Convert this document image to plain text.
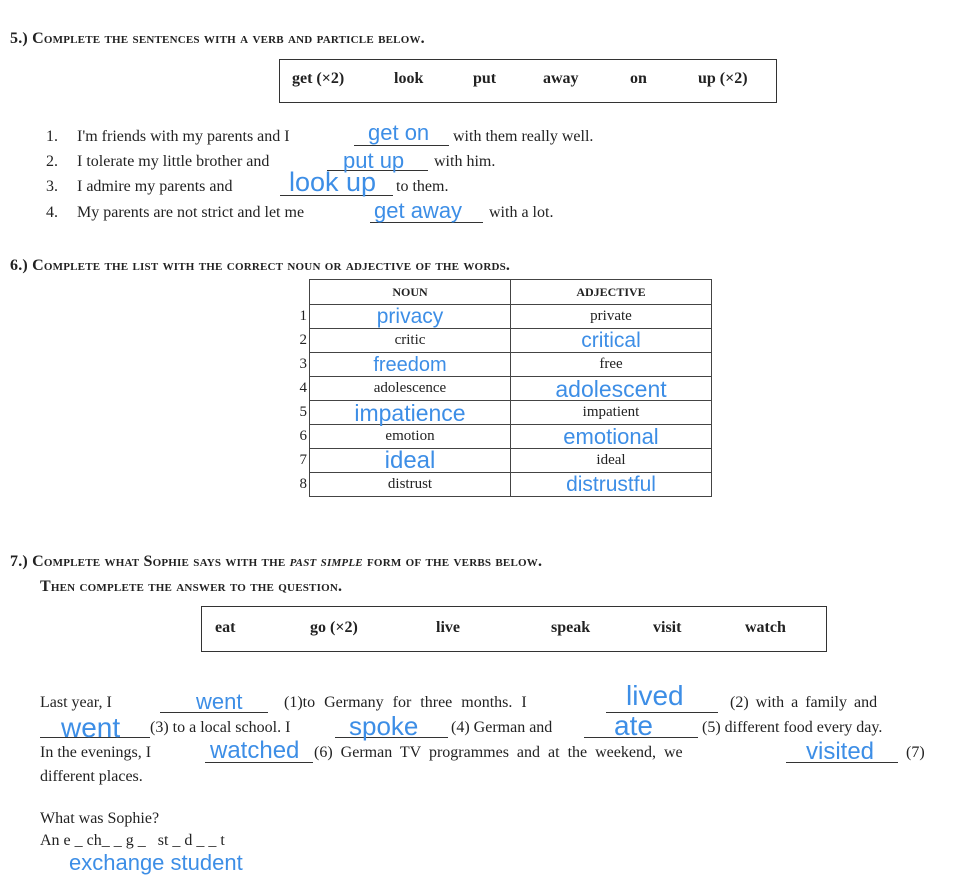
5.) Complete the sentences with a verb and particle below.
get (×2)	look	put	away	on	up (×2)
1. I'm friends with my parents and I	get on with them really well.
2. I tolerate my little brother and	put up with him.
3. I admire my parents and look up to them.
4. My parents are not strict and let me	get away with a lot.
6.) Complete the list with the correct noun or adjective of the words.
	NOUN	ADJECTIVE
1	privacy	private
2	critic	critical
3	freedom	free
4	adolescence	adolescent
5	impatience	impatient
6	emotion	emotional
7	ideal	ideal
8	distrust	distrustful
7.) Complete what Sophie says with the past simple form of the verbs below.
Then complete the answer to the question.
eat	go (×2)	live	speak	visit	watch
Last year, I	went	(1)to Germany for three months. I	lived	(2) with a family and
went (3) to a local school. I spoke (4) German and ate	(5) different food every day.
In the evenings, I watched (6) German TV programmes and at the weekend, we	visited (7)
different places.
What was Sophie?
An e _ ch_ _ g _   st _ d _ _ t
exchange student
